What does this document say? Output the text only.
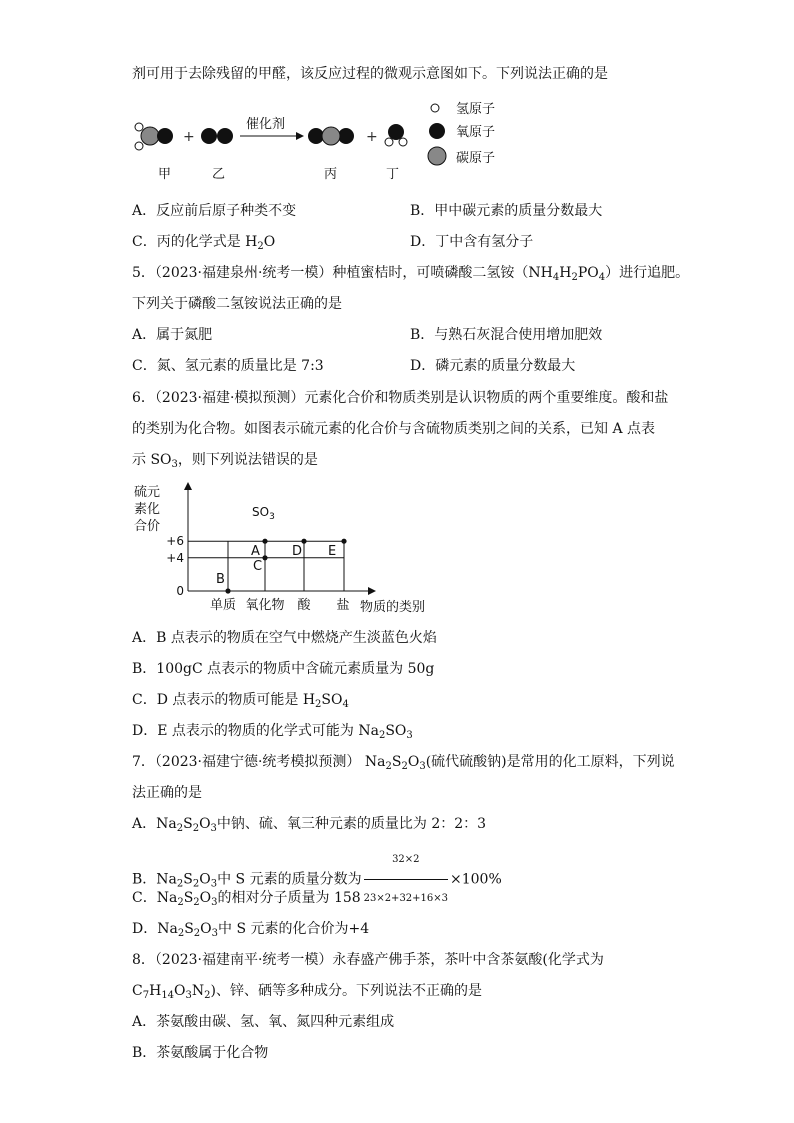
剂可用于去除残留的甲醛，该反应过程的微观示意图如下。下列说法正确的是
+
催化剂
+
甲	乙	丙	丁
氢原子
氧原子
碳原子
A．反应前后原子种类不变	B．甲中碳元素的质量分数最大
C．丙的化学式是 $H_2O$	D．丁中含有氢分子
5．（2023·福建泉州·统考一模）种植蜜桔时，可喷磷酸二氢铵$(NH_4H_2PO_4)$进行追肥。
下列关于磷酸二氢铵说法正确的是
A．属于氮肥	B．与熟石灰混合使用增加肥效
C．氮、氢元素的质量比是 7:3	D．磷元素的质量分数最大
6．（2023·福建·模拟预测）元素化合价和物质类别是认识物质的两个重要维度。酸和盐
的类别为化合物。如图表示硫元素的化合价与含硫物质类别之间的关系，已知 A 点表
示 $SO_3$，则下列说法错误的是
硫元
素化
合价
物质的类别
$SO_3$
+6
+4
0
单质 氧化物 酸 盐
B
C
A D E
A．B 点表示的物质在空气中燃烧产生淡蓝色火焰
B．100gC 点表示的物质中含硫元素质量为 50g
C．D 点表示的物质可能是 $H_2SO_4$
D．E 点表示的物质的化学式可能为 $Na_2SO_3$
7．（2023·福建宁德·统考模拟预测） $Na_2S_2O_3$(硫代硫酸钠)是常用的化工原料，下列说
法正确的是
A．$Na_2S_2O_3$中钠、硫、氧三种元素的质量比为 2：2：3
B．$Na_2S_2O_3$中 S 元素的质量分数为 $\frac{32\times 2}{23\times 2+32+16\times 3} \times 100\%$
C．$Na_2S_2O_3$的相对分子质量为 158
D．$Na_2S_2O_3$中 S 元素的化合价为+4
8．（2023·福建南平·统考一模）永春盛产佛手茶，茶叶中含茶氨酸(化学式为
$C_7H_{14}O_3N_2$)、锌、硒等多种成分。下列说法不正确的是
A．茶氨酸由碳、氢、氧、氮四种元素组成
B．茶氨酸属于化合物
